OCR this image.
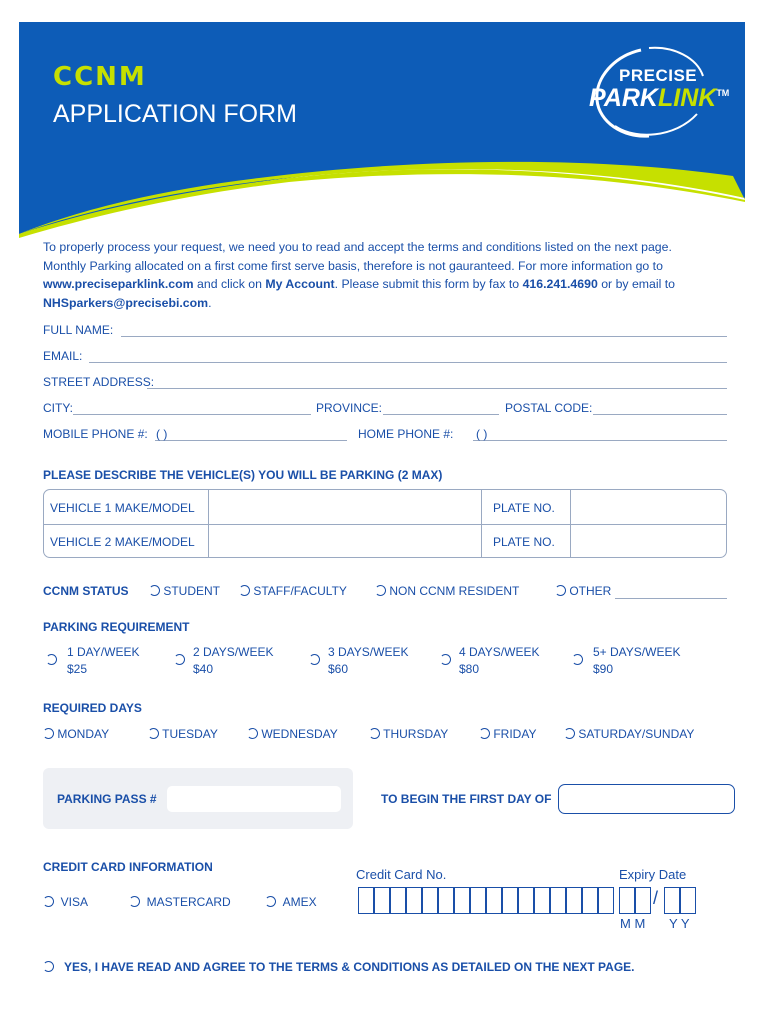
CCNM
APPLICATION FORM
PRECISE
PARKLINK™
To properly process your request, we need you to read and accept the terms and conditions listed on the next page.
Monthly Parking allocated on a first come first serve basis, therefore is not gauranteed. For more information go to
www.preciseparklink.com and click on My Account. Please submit this form by fax to 416.241.4690 or by email to
NHSparkers@precisebi.com.
FULL NAME:
EMAIL:
STREET ADDRESS:
CITY:	PROVINCE:	POSTAL CODE:
MOBILE PHONE #: ( )	HOME PHONE #: ( )
PLEASE DESCRIBE THE VEHICLE(S) YOU WILL BE PARKING (2 MAX)
VEHICLE 1 MAKE/MODEL	PLATE NO.
VEHICLE 2 MAKE/MODEL	PLATE NO.
CCNM STATUS	STUDENT	STAFF/FACULTY	NON CCNM RESIDENT	OTHER
PARKING REQUIREMENT
1 DAY/WEEK
$25
2 DAYS/WEEK
$40
3 DAYS/WEEK
$60
4 DAYS/WEEK
$80
5+ DAYS/WEEK
$90
REQUIRED DAYS
MONDAY	TUESDAY	WEDNESDAY	THURSDAY	FRIDAY	SATURDAY/SUNDAY
PARKING PASS #	TO BEGIN THE FIRST DAY OF
CREDIT CARD INFORMATION
VISA	MASTERCARD	AMEX
Credit Card No.	Expiry Date
/
M M Y Y
YES, I HAVE READ AND AGREE TO THE TERMS & CONDITIONS AS DETAILED ON THE NEXT PAGE.
